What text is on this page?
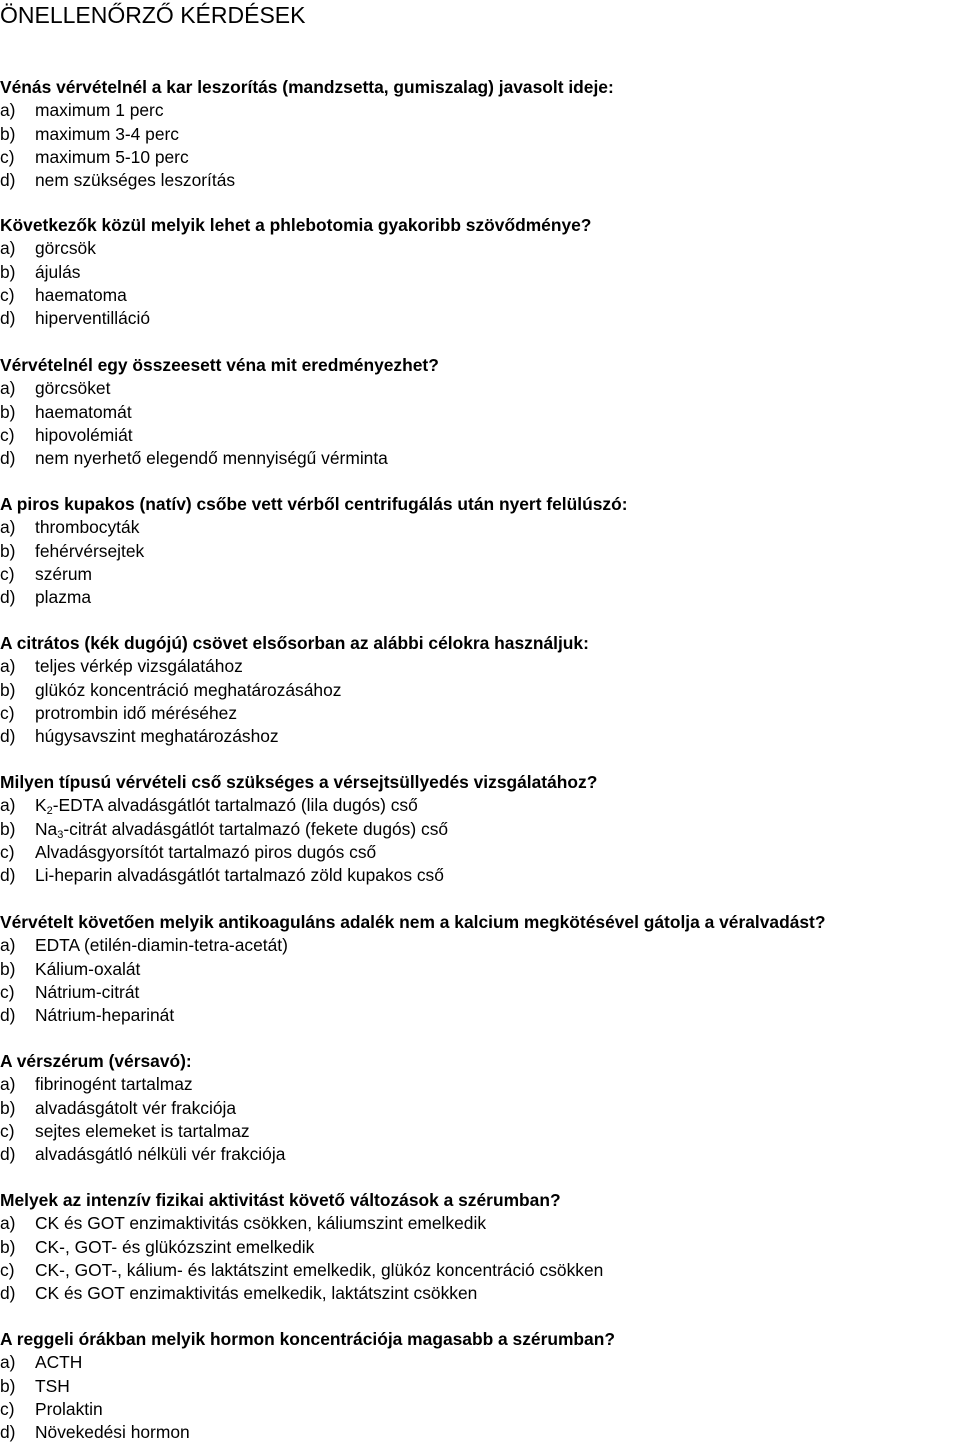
ÖNELLENŐRZŐ KÉRDÉSEK

Vénás vérvételnél a kar leszorítás (mandzsetta, gumiszalag) javasolt ideje:

a) maximum 1 perc
b) maximum 3-4 perc
c) maximum 5-10 perc
d) nem szükséges leszorítás

Következők közül melyik lehet a phlebotomia gyakoribb szövődménye?

a) görcsök
b) ájulás
c) haematoma
d) hiperventilláció

Vérvételnél egy összeesett véna mit eredményezhet?

a) görcsöket
b) haematomát
c) hipovolémiát
d) nem nyerhető elegendő mennyiségű vérminta

A piros kupakos (natív) csőbe vett vérből centrifugálás után nyert felülúszó:

a) thrombocyták
b) fehérvérsejtek
c) szérum
d) plazma

A citrátos (kék dugójú) csövet elsősorban az alábbi célokra használjuk:

a) teljes vérkép vizsgálatához
b) glükóz koncentráció meghatározásához
c) protrombin idő méréséhez
d) húgysavszint meghatározáshoz

Milyen típusú vérvételi cső szükséges a vérsejtsüllyedés vizsgálatához?

a) $K_2$-EDTA alvadásgátlót tartalmazó (lila dugós) cső
b) $Na_3$-citrát alvadásgátlót tartalmazó (fekete dugós) cső
c) Alvadásgyorsítót tartalmazó piros dugós cső
d) Li-heparin alvadásgátlót tartalmazó zöld kupakos cső

Vérvételt követően melyik antikoaguláns adalék nem a kalcium megkötésével gátolja a véralvadást?

a) EDTA (etilén-diamin-tetra-acetát)
b) Kálium-oxalát
c) Nátrium-citrát
d) Nátrium-heparinát

A vérszérum (vérsavó):

a) fibrinogént tartalmaz
b) alvadásgátolt vér frakciója
c) sejtes elemeket is tartalmaz
d) alvadásgátló nélküli vér frakciója

Melyek az intenzív fizikai aktivitást követő változások a szérumban?

a) CK és GOT enzimaktivitás csökken, káliumszint emelkedik
b) CK-, GOT- és glükózszint emelkedik
c) CK-, GOT-, kálium- és laktátszint emelkedik, glükóz koncentráció csökken
d) CK és GOT enzimaktivitás emelkedik, laktátszint csökken

A reggeli órákban melyik hormon koncentrációja magasabb a szérumban?

a) ACTH
b) TSH
c) Prolaktin
d) Növekedési hormon
